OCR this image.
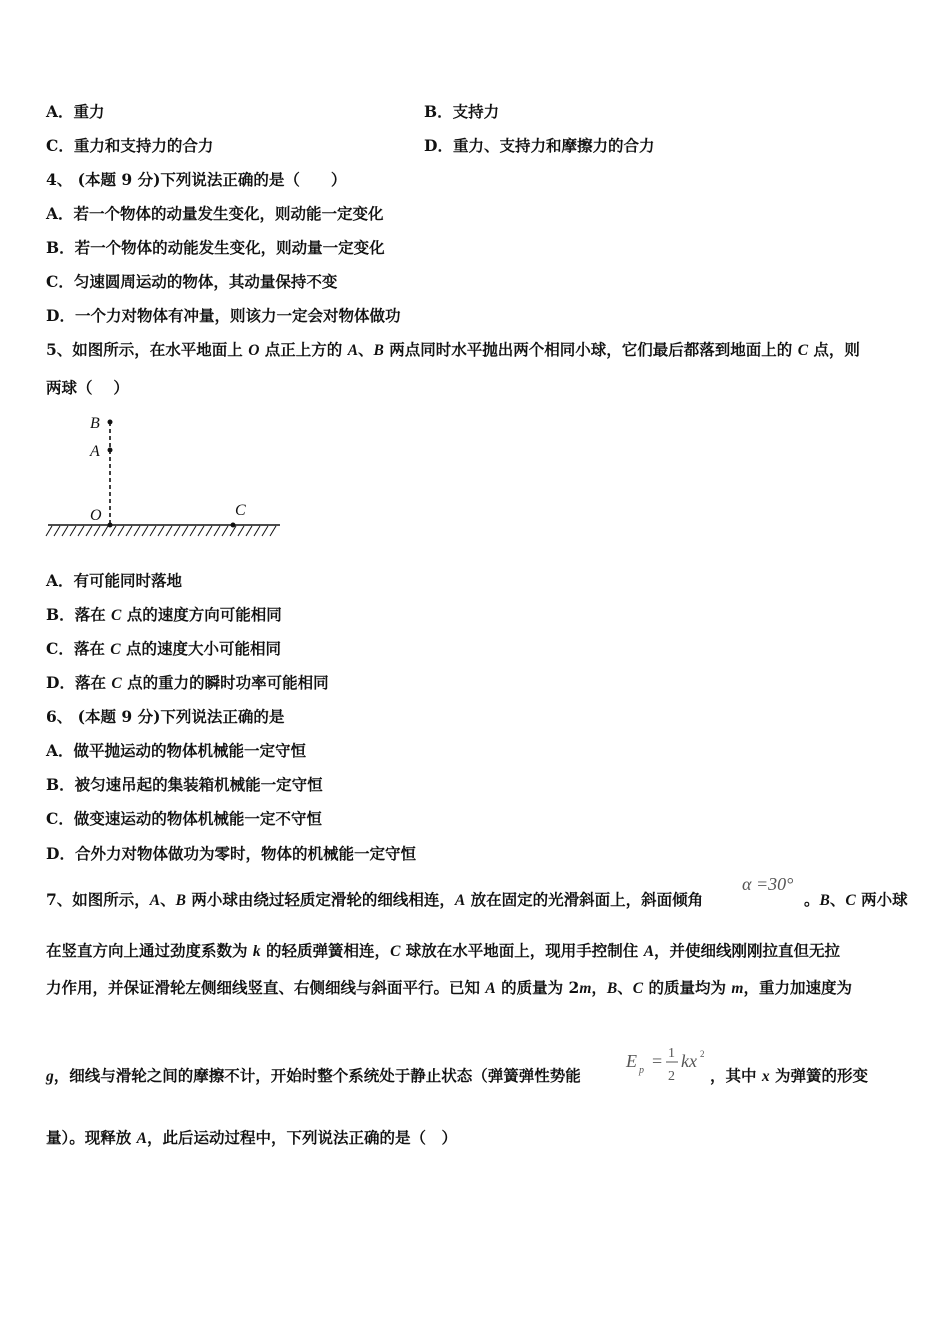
A．重力	B．支持力
C．重力和支持力的合力	D．重力、支持力和摩擦力的合力
4、 (本题 9 分)下列说法正确的是（　　）
A．若一个物体的动量发生变化，则动能一定变化
B．若一个物体的动能发生变化，则动量一定变化
C．匀速圆周运动的物体，其动量保持不变
D．一个力对物体有冲量，则该力一定会对物体做功
5、如图所示，在水平地面上 O 点正上方的 A、B 两点同时水平抛出两个相同小球，它们最后都落到地面上的 C 点，则
两球（　 ）
B
A
O	C
A．有可能同时落地
B．落在 C 点的速度方向可能相同
C．落在 C 点的速度大小可能相同
D．落在 C 点的重力的瞬时功率可能相同
6、 (本题 9 分)下列说法正确的是
A．做平抛运动的物体机械能一定守恒
B．被匀速吊起的集装箱机械能一定守恒
C．做变速运动的物体机械能一定不守恒
D．合外力对物体做功为零时，物体的机械能一定守恒
7、如图所示，A、B 两小球由绕过轻质定滑轮的细线相连，A 放在固定的光滑斜面上，斜面倾角
α =30°
。B、C 两小球
在竖直方向上通过劲度系数为 k 的轻质弹簧相连，C 球放在水平地面上，现用手控制住 A，并使细线刚刚拉直但无拉
力作用，并保证滑轮左侧细线竖直、右侧细线与斜面平行。已知 A 的质量为 2m，B、C 的质量均为 m，重力加速度为
g，细线与滑轮之间的摩擦不计，开始时整个系统处于静止状态（弹簧弹性势能
E p = 1
2
kx 2
，其中 x 为弹簧的形变
量）。现释放 A，此后运动过程中，下列说法正确的是（　）
